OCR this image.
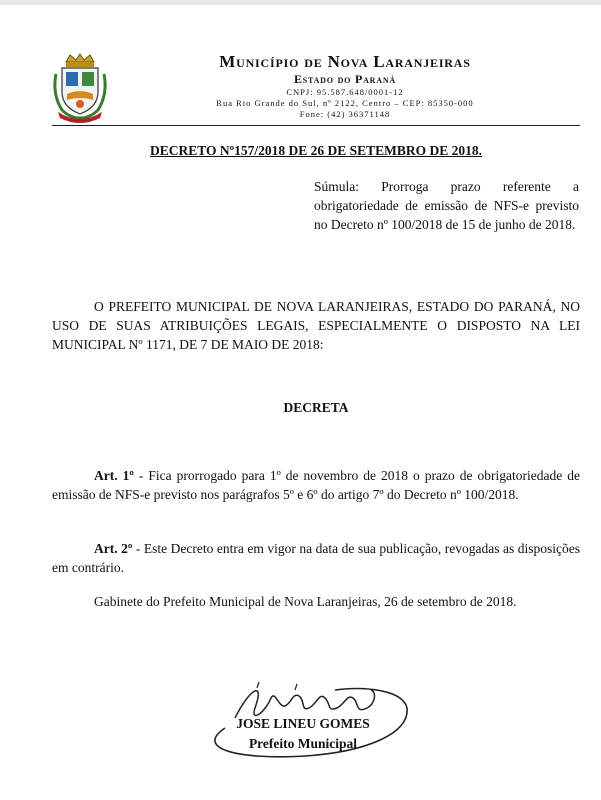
Município de Nova Laranjeiras
Estado do Paraná
CNPJ: 95.587.648/0001-12
Rua Rio Grande do Sul, nº 2122, Centro – CEP: 85350-000
Fone: (42) 36371148
DECRETO Nº157/2018 DE 26 DE SETEMBRO DE 2018.
Súmula: Prorroga prazo referente a obrigatoriedade de emissão de NFS-e previsto no Decreto nº 100/2018 de 15 de junho de 2018.
O PREFEITO MUNICIPAL DE NOVA LARANJEIRAS, ESTADO DO PARANÁ, NO USO DE SUAS ATRIBUIÇÕES LEGAIS, ESPECIALMENTE O DISPOSTO NA LEI MUNICIPAL Nº 1171, DE 7 DE MAIO DE 2018:
DECRETA
Art. 1º - Fica prorrogado para 1º de novembro de 2018 o prazo de obrigatoriedade de emissão de NFS-e previsto nos parágrafos 5º e 6º do artigo 7º do Decreto nº 100/2018.
Art. 2º - Este Decreto entra em vigor na data de sua publicação, revogadas as disposições em contrário.
Gabinete do Prefeito Municipal de Nova Laranjeiras, 26 de setembro de 2018.
JOSE LINEU GOMES
Prefeito Municipal
